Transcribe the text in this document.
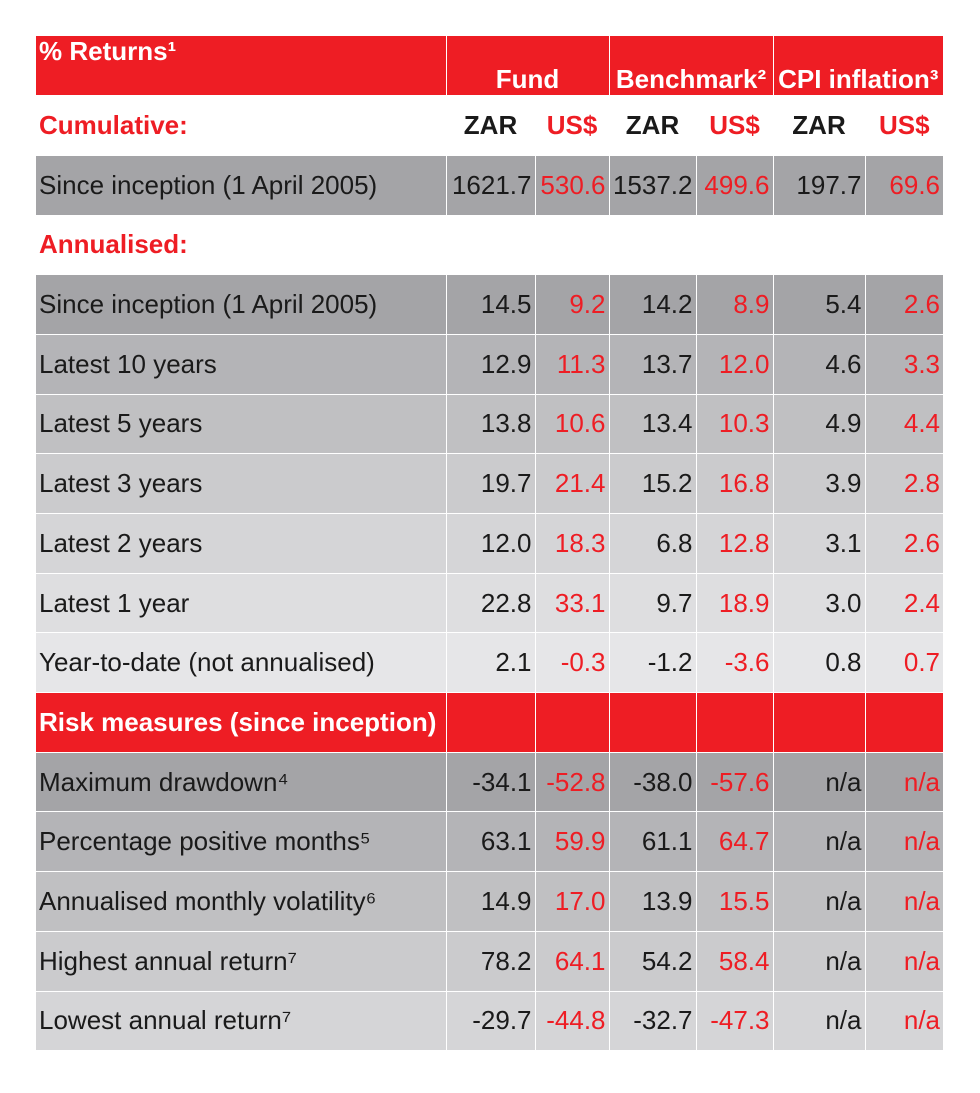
% Returns¹	Fund		Benchmark²		CPI inflation³	
Cumulative:	ZAR	US$	ZAR	US$	ZAR	US$
Since inception (1 April 2005)	1621.7	530.6	1537.2	499.6	197.7	69.6
Annualised:						
Since inception (1 April 2005)	14.5	9.2	14.2	8.9	5.4	2.6
Latest 10 years	12.9	11.3	13.7	12.0	4.6	3.3
Latest 5 years	13.8	10.6	13.4	10.3	4.9	4.4
Latest 3 years	19.7	21.4	15.2	16.8	3.9	2.8
Latest 2 years	12.0	18.3	6.8	12.8	3.1	2.6
Latest 1 year	22.8	33.1	9.7	18.9	3.0	2.4
Year-to-date (not annualised)	2.1	-0.3	-1.2	-3.6	0.8	0.7
Risk measures (since inception)						
Maximum drawdown⁴	-34.1	-52.8	-38.0	-57.6	n/a	n/a
Percentage positive months⁵	63.1	59.9	61.1	64.7	n/a	n/a
Annualised monthly volatility⁶	14.9	17.0	13.9	15.5	n/a	n/a
Highest annual return⁷	78.2	64.1	54.2	58.4	n/a	n/a
Lowest annual return⁷	-29.7	-44.8	-32.7	-47.3	n/a	n/a
